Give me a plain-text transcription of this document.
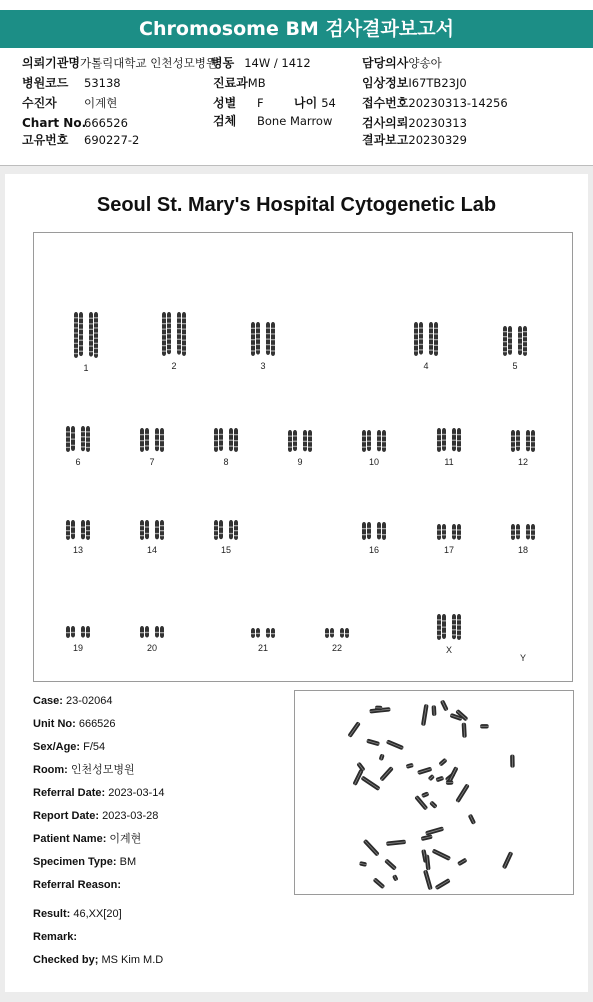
Chromosome BM 검사결과보고서
의뢰기관명가톨릭대학교 인천성모병원
병동 14W / 1412	담당의사양송아
병원코드 53138	진료과MB	임상정보I67TB23J0
수진자 이계현	성별 F	나이 54 접수번호20230313-14256
Chart No.666526	검체 Bone Marrow 검사의뢰20230313
고유번호 690227-2	결과보고20230329
Seoul St. Mary's Hospital Cytogenetic Lab
1	2	3	4	5
6	7	8	9	10	11	12
13	14	15	16	17	18
19	20	21	22	X
Y
Case: 23-02064
Unit No: 666526
Sex/Age: F/54
Room: 인천성모병원
Referral Date: 2023-03-14
Report Date: 2023-03-28
Patient Name: 이계현
Specimen Type: BM
Referral Reason:
Result: 46,XX[20]
Remark:
Checked by; MS Kim M.D
